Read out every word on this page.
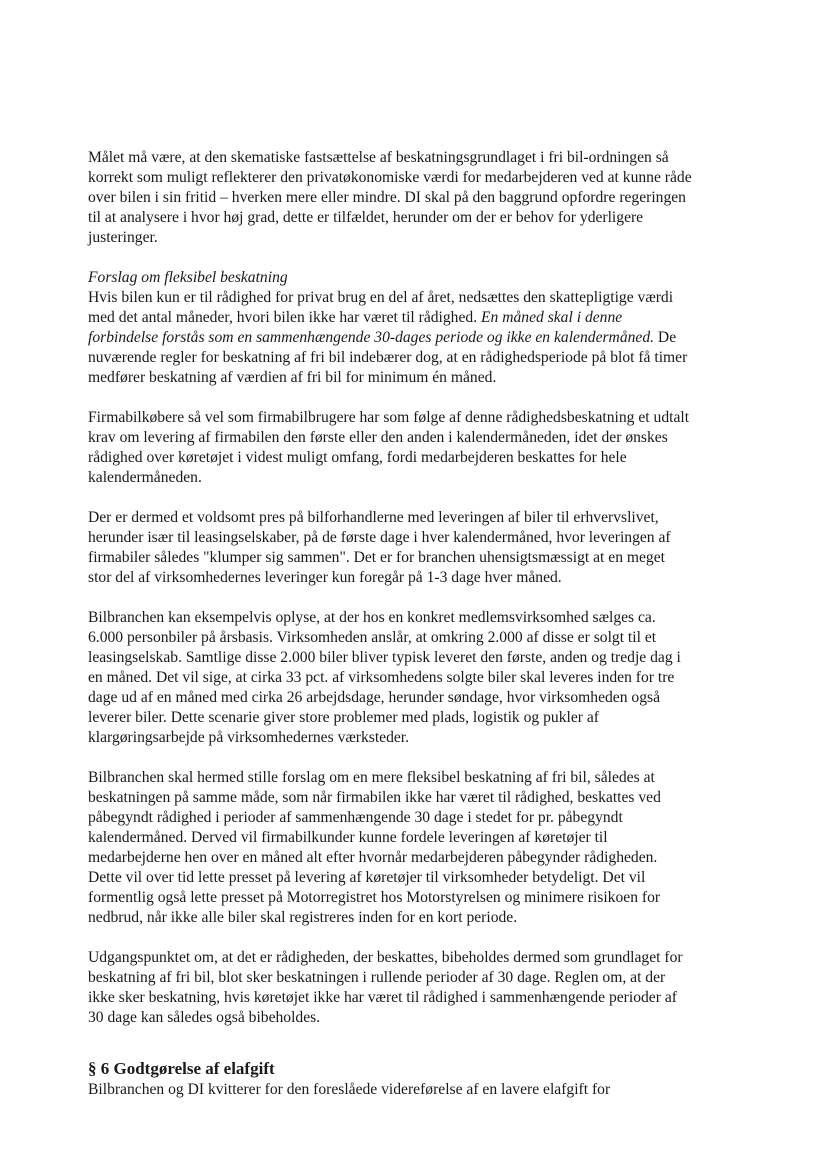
Målet må være, at den skematiske fastsættelse af beskatningsgrundlaget i fri bil-ordningen så korrekt som muligt reflekterer den privatøkonomiske værdi for medarbejderen ved at kunne råde over bilen i sin fritid – hverken mere eller mindre. DI skal på den baggrund opfordre regeringen til at analysere i hvor høj grad, dette er tilfældet, herunder om der er behov for yderligere justeringer.

Forslag om fleksibel beskatning

Hvis bilen kun er til rådighed for privat brug en del af året, nedsættes den skattepligtige værdi med det antal måneder, hvori bilen ikke har været til rådighed. En måned skal i denne forbindelse forstås som en sammenhængende 30-dages periode og ikke en kalendermåned. De nuværende regler for beskatning af fri bil indebærer dog, at en rådighedsperiode på blot få timer medfører beskatning af værdien af fri bil for minimum én måned.

Firmabilkøbere så vel som firmabilbrugere har som følge af denne rådighedsbeskatning et udtalt krav om levering af firmabilen den første eller den anden i kalendermåneden, idet der ønskes rådighed over køretøjet i videst muligt omfang, fordi medarbejderen beskattes for hele kalendermåneden.

Der er dermed et voldsomt pres på bilforhandlerne med leveringen af biler til erhvervslivet, herunder især til leasingselskaber, på de første dage i hver kalendermåned, hvor leveringen af firmabiler således "klumper sig sammen". Det er for branchen uhensigtsmæssigt at en meget stor del af virksomhedernes leveringer kun foregår på 1-3 dage hver måned.

Bilbranchen kan eksempelvis oplyse, at der hos en konkret medlemsvirksomhed sælges ca. 6.000 personbiler på årsbasis. Virksomheden anslår, at omkring 2.000 af disse er solgt til et leasingselskab. Samtlige disse 2.000 biler bliver typisk leveret den første, anden og tredje dag i en måned. Det vil sige, at cirka 33 pct. af virksomhedens solgte biler skal leveres inden for tre dage ud af en måned med cirka 26 arbejdsdage, herunder søndage, hvor virksomheden også leverer biler. Dette scenarie giver store problemer med plads, logistik og pukler af klargøringsarbejde på virksomhedernes værksteder.

Bilbranchen skal hermed stille forslag om en mere fleksibel beskatning af fri bil, således at beskatningen på samme måde, som når firmabilen ikke har været til rådighed, beskattes ved påbegyndt rådighed i perioder af sammenhængende 30 dage i stedet for pr. påbegyndt kalendermåned. Derved vil firmabilkunder kunne fordele leveringen af køretøjer til medarbejderne hen over en måned alt efter hvornår medarbejderen påbegynder rådigheden. Dette vil over tid lette presset på levering af køretøjer til virksomheder betydeligt. Det vil formentlig også lette presset på Motorregistret hos Motorstyrelsen og minimere risikoen for nedbrud, når ikke alle biler skal registreres inden for en kort periode.

Udgangspunktet om, at det er rådigheden, der beskattes, bibeholdes dermed som grundlaget for beskatning af fri bil, blot sker beskatningen i rullende perioder af 30 dage. Reglen om, at der ikke sker beskatning, hvis køretøjet ikke har været til rådighed i sammenhængende perioder af 30 dage kan således også bibeholdes.

§ 6 Godtgørelse af elafgift

Bilbranchen og DI kvitterer for den foreslåede videreførelse af en lavere elafgift for
